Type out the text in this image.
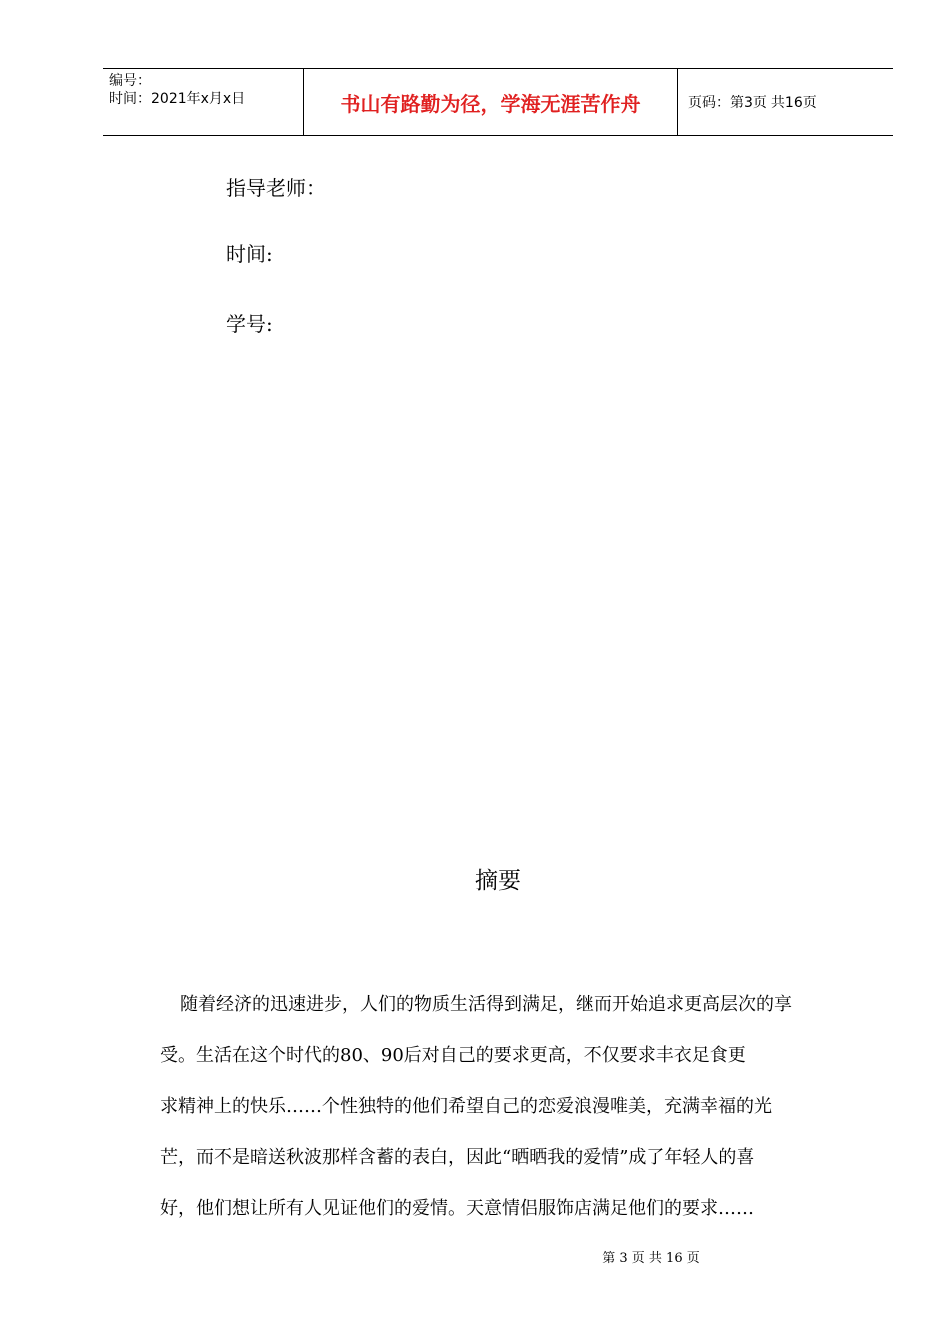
编号：
时间：2021年x月x日	书山有路勤为径，学海无涯苦作舟	页码：第3页 共16页
指导老师：
时间:
学号:
摘要
随着经济的迅速进步，人们的物质生活得到满足，继而开始追求更高层次的享
受。生活在这个时代的80、90后对自己的要求更高，不仅要求丰衣足食更
求精神上的快乐……个性独特的他们希望自己的恋爱浪漫唯美，充满幸福的光
芒，而不是暗送秋波那样含蓄的表白，因此“晒晒我的爱情”成了年轻人的喜
好，他们想让所有人见证他们的爱情。天意情侣服饰店满足他们的要求……
第 3 页 共 16 页
